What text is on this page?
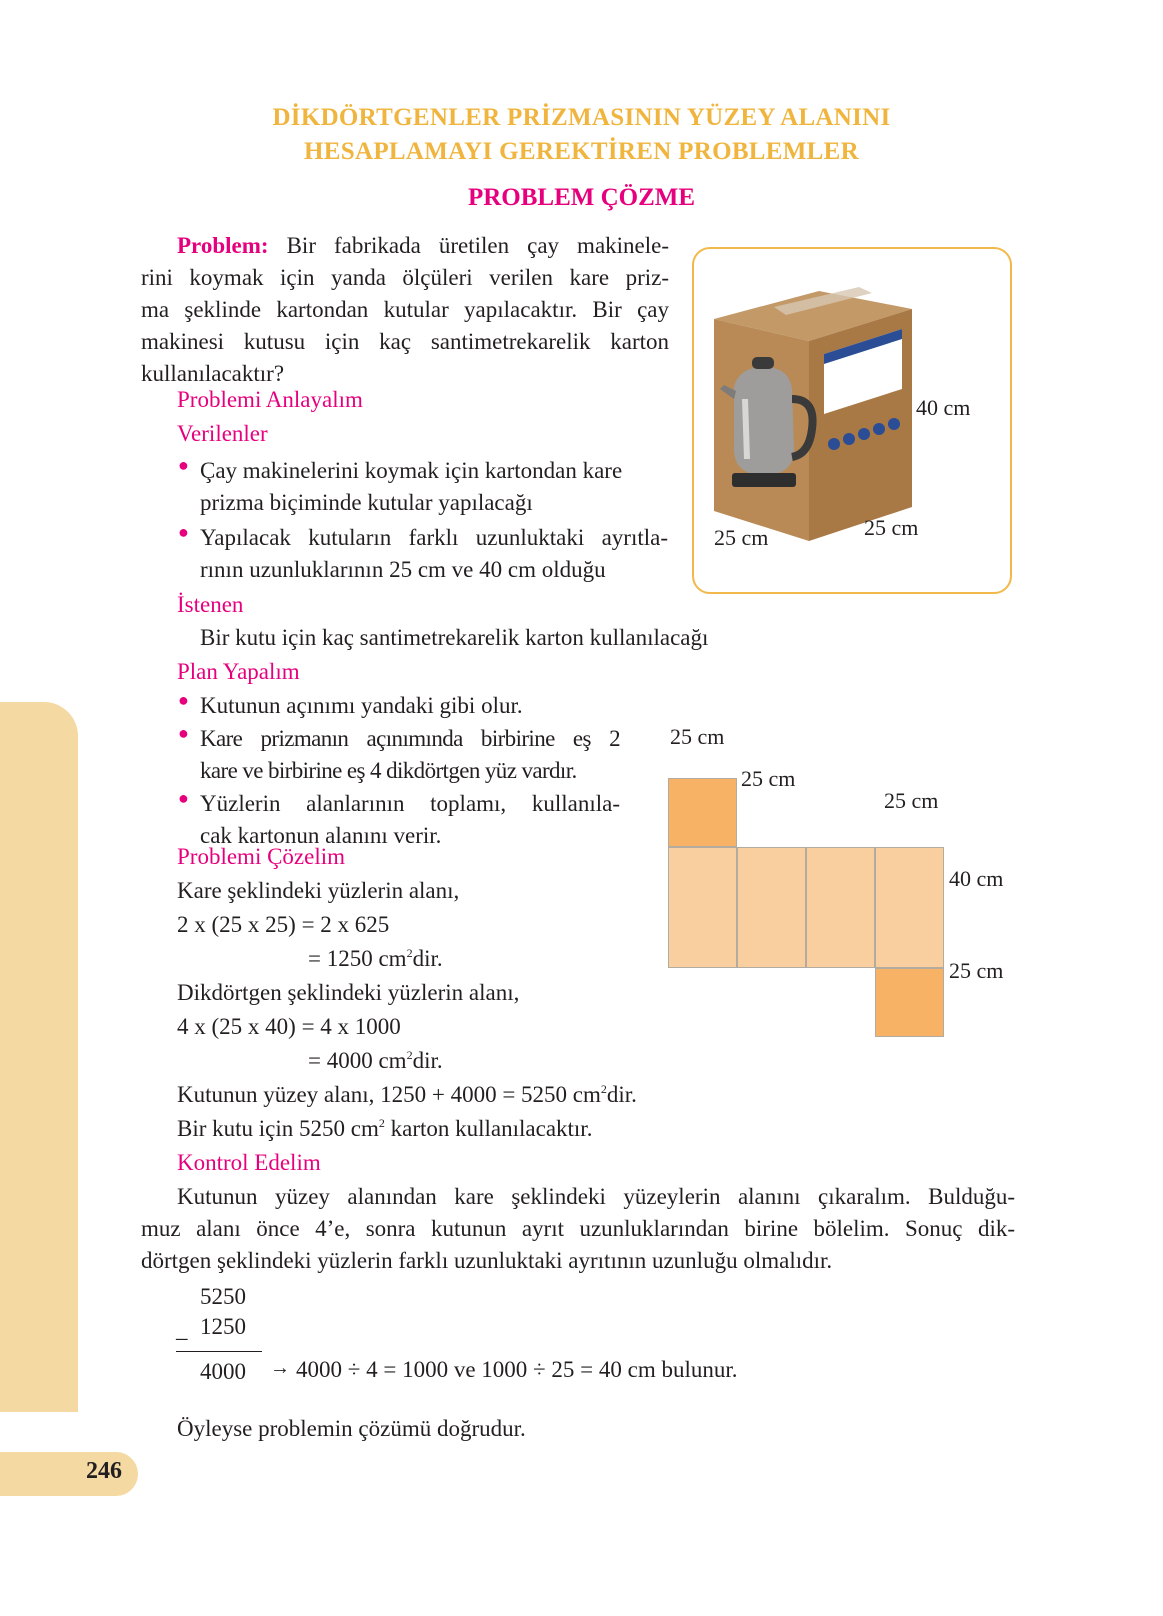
246
DİKDÖRTGENLER PRİZMASININ YÜZEY ALANINI
HESAPLAMAYI GEREKTİREN PROBLEMLER
PROBLEM ÇÖZME
Problem: Bir fabrikada üretilen çay makinele-
rini koymak için yanda ölçüleri verilen kare priz-
ma şeklinde kartondan kutular yapılacaktır. Bir çay
makinesi kutusu için kaç santimetrekarelik karton
kullanılacaktır?
Problemi Anlayalım
Verilenler
● Çay makinelerini koymak için kartondan kare
prizma biçiminde kutular yapılacağı
● Yapılacak kutuların farklı uzunluktaki ayrıtla-
rının uzunluklarının 25 cm ve 40 cm olduğu
İstenen
Bir kutu için kaç santimetrekarelik karton kullanılacağı
40 cm
25 cm	25 cm
Plan Yapalım
● Kutunun açınımı yandaki gibi olur.
● Kare prizmanın açınımında birbirine eş 2
kare ve birbirine eş 4 dikdörtgen yüz vardır.
● Yüzlerin alanlarının toplamı, kullanıla-
cak kartonun alanını verir.
25 cm
25 cm
25 cm
40 cm
25 cm
Problemi Çözelim
Kare şeklindeki yüzlerin alanı,
2 x (25 x 25) = 2 x 625
= 1250 $cm^2dir$.
Dikdörtgen şeklindeki yüzlerin alanı,
4 x (25 x 40) = 4 x 1000
= 4000 $cm^2dir$.
Kutunun yüzey alanı, 1250 + 4000 = 5250 $cm^2dir$.
Bir kutu için 5250 $cm^2$ karton kullanılacaktır.
Kontrol Edelim
Kutunun yüzey alanından kare şeklindeki yüzeylerin alanını çıkaralım. Bulduğu-
muz alanı önce 4’e, sonra kutunun ayrıt uzunluklarından birine bölelim. Sonuç dik-
dörtgen şeklindeki yüzlerin farklı uzunluktaki ayrıtının uzunluğu olmalıdır.
5250
1250
–
4000 → 4000 ÷ 4 = 1000 ve 1000 ÷ 25 = 40 cm bulunur.
Öyleyse problemin çözümü doğrudur.
